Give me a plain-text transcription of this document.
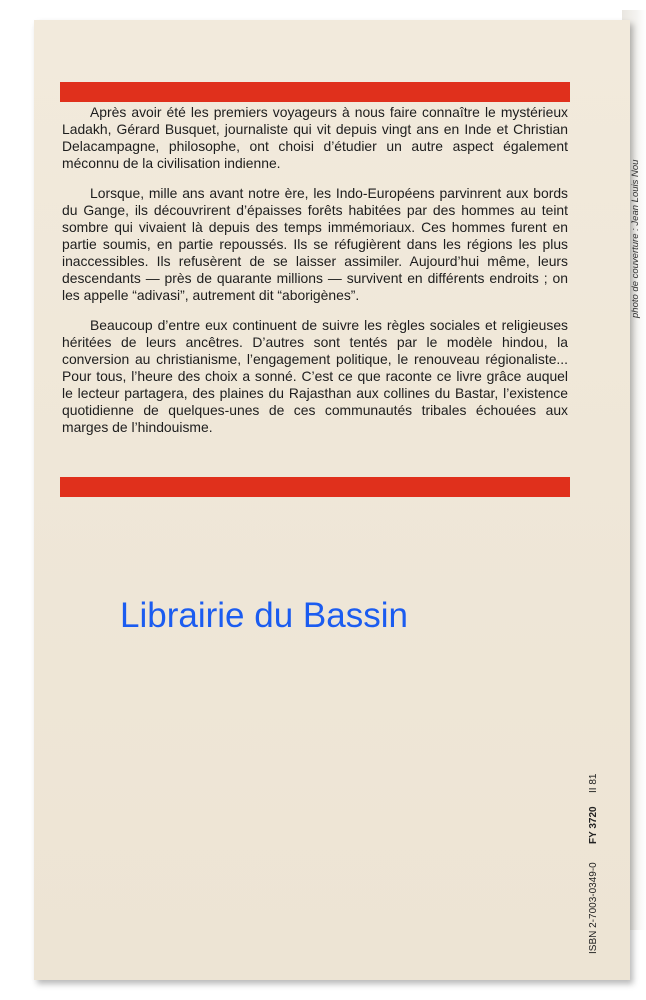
Après avoir été les premiers voyageurs à nous faire connaître le mystérieux Ladakh, Gérard Busquet, journaliste qui vit depuis vingt ans en Inde et Christian Delacampagne, philosophe, ont choisi d’étudier un autre aspect également méconnu de la civilisation indienne.

Lorsque, mille ans avant notre ère, les Indo-Européens parvinrent aux bords du Gange, ils découvrirent d’épaisses forêts habitées par des hommes au teint sombre qui vivaient là depuis des temps immémoriaux. Ces hommes furent en partie soumis, en partie repoussés. Ils se réfugièrent dans les régions les plus inaccessibles. Ils refusèrent de se laisser assimiler. Aujourd’hui même, leurs descendants — près de quarante millions — survivent en différents endroits ; on les appelle “adivasi”, autrement dit “aborigènes”.

Beaucoup d’entre eux continuent de suivre les règles sociales et religieuses héritées de leurs ancêtres. D’autres sont tentés par le modèle hindou, la conversion au christianisme, l’engagement politique, le renouveau régionaliste... Pour tous, l’heure des choix a sonné. C’est ce que raconte ce livre grâce auquel le lecteur partagera, des plaines du Rajasthan aux collines du Bastar, l’existence quotidienne de quelques-unes de ces communautés tribales échouées aux marges de l’hindouisme.

photo de couverture : Jean Louis Nou
ISBN 2-7003-0349-0
FY 3720
II 81
Librairie du Bassin
